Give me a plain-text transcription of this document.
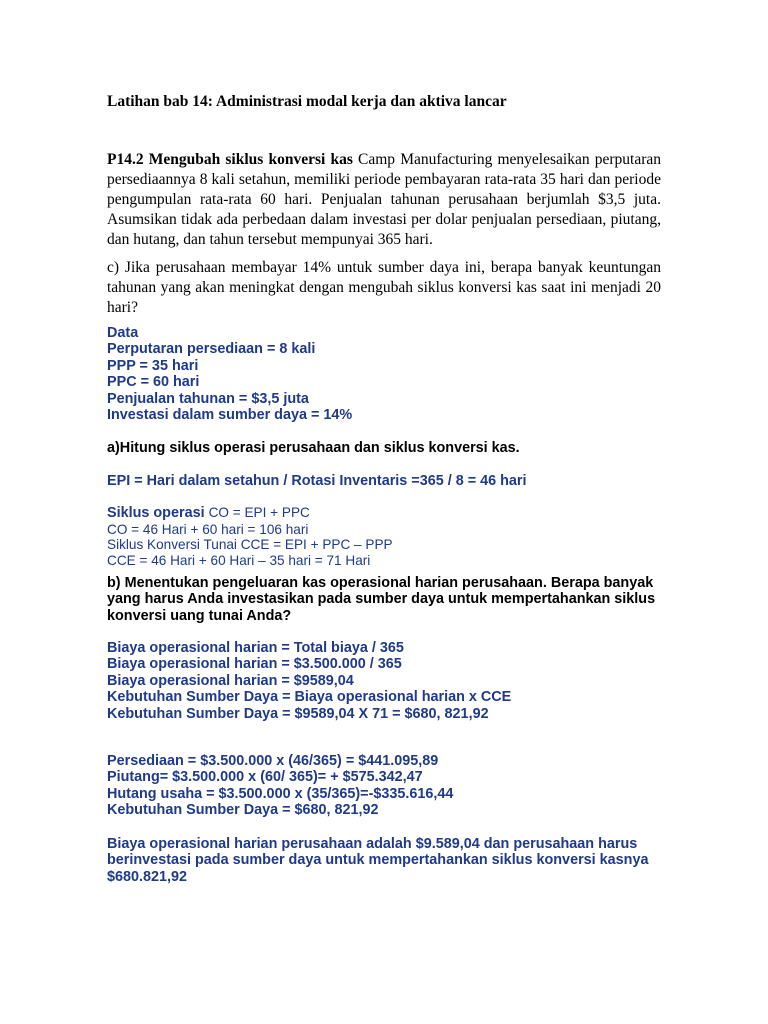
Latihan bab 14: Administrasi modal kerja dan aktiva lancar
P14.2 Mengubah siklus konversi kas Camp Manufacturing menyelesaikan perputaran persediaannya 8 kali setahun, memiliki periode pembayaran rata-rata 35 hari dan periode pengumpulan rata-rata 60 hari. Penjualan tahunan perusahaan berjumlah $3,5 juta. Asumsikan tidak ada perbedaan dalam investasi per dolar penjualan persediaan, piutang, dan hutang, dan tahun tersebut mempunyai 365 hari.
c) Jika perusahaan membayar 14% untuk sumber daya ini, berapa banyak keuntungan tahunan yang akan meningkat dengan mengubah siklus konversi kas saat ini menjadi 20 hari?
Data
Perputaran persediaan = 8 kali
PPP = 35 hari
PPC = 60 hari
Penjualan tahunan = $3,5 juta
Investasi dalam sumber daya = 14%
a)Hitung siklus operasi perusahaan dan siklus konversi kas.
EPI = Hari dalam setahun / Rotasi Inventaris =365 / 8 = 46 hari
Siklus operasi CO = EPI + PPC
CO = 46 Hari + 60 hari = 106 hari
Siklus Konversi Tunai CCE = EPI + PPC – PPP
CCE = 46 Hari + 60 Hari – 35 hari = 71 Hari
b) Menentukan pengeluaran kas operasional harian perusahaan. Berapa banyak yang harus Anda investasikan pada sumber daya untuk mempertahankan siklus konversi uang tunai Anda?
Biaya operasional harian = Total biaya / 365
Biaya operasional harian = $3.500.000 / 365
Biaya operasional harian = $9589,04
Kebutuhan Sumber Daya = Biaya operasional harian x CCE
Kebutuhan Sumber Daya = $9589,04 X 71 = $680, 821,92
Persediaan = $3.500.000 x (46/365) = $441.095,89
Piutang= $3.500.000 x (60/ 365)= + $575.342,47
Hutang usaha = $3.500.000 x (35/365)=-$335.616,44
Kebutuhan Sumber Daya = $680, 821,92
Biaya operasional harian perusahaan adalah $9.589,04 dan perusahaan harus berinvestasi pada sumber daya untuk mempertahankan siklus konversi kasnya $680.821,92
